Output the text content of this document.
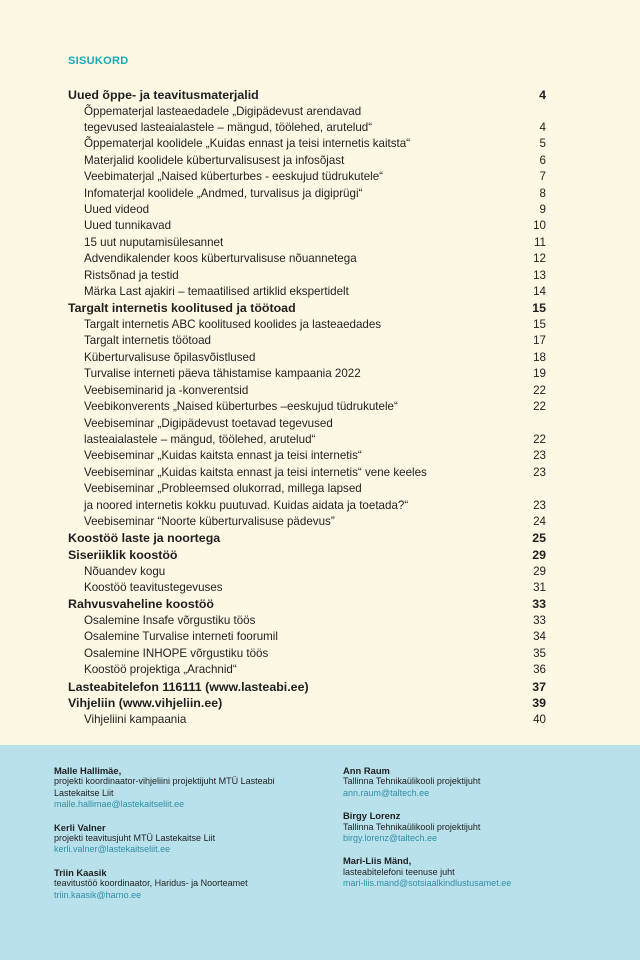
SISUKORD
Uued õppe- ja teavitusmaterjalid	4
Õppematerjal lasteaedadele „Digipädevust arendavad
tegevused lasteaialastele – mängud, töölehed, arutelud“	4
Õppematerjal koolidele „Kuidas ennast ja teisi internetis kaitsta“	5
Materjalid koolidele küberturvalisusest ja infosõjast	6
Veebimaterjal „Naised küberturbes - eeskujud tüdrukutele“	7
Infomaterjal koolidele „Andmed, turvalisus ja digiprügi“	8
Uued videod	9
Uued tunnikavad	10
15 uut nuputamisülesannet	11
Advendikalender koos küberturvalisuse nõuannetega	12
Ristsõnad ja testid	13
Märka Last ajakiri – temaatilised artiklid ekspertidelt	14
Targalt internetis koolitused ja töötoad	15
Targalt internetis ABC koolitused koolides ja lasteaedades	15
Targalt internetis töötoad	17
Küberturvalisuse õpilasvõistlused	18
Turvalise interneti päeva tähistamise kampaania 2022	19
Veebiseminarid ja -konverentsid	22
Veebikonverents „Naised küberturbes –eeskujud tüdrukutele“	22
Veebiseminar „Digipädevust toetavad tegevused
lasteaialastele – mängud, töölehed, arutelud“	22
Veebiseminar „Kuidas kaitsta ennast ja teisi internetis“	23
Veebiseminar „Kuidas kaitsta ennast ja teisi internetis“ vene keeles	23
Veebiseminar „Probleemsed olukorrad, millega lapsed
ja noored internetis kokku puutuvad. Kuidas aidata ja toetada?“	23
Veebiseminar “Noorte küberturvalisuse pädevus”	24
Koostöö laste ja noortega	25
Siseriiklik koostöö	29
Nõuandev kogu	29
Koostöö teavitustegevuses	31
Rahvusvaheline koostöö	33
Osalemine Insafe võrgustiku töös	33
Osalemine Turvalise interneti foorumil	34
Osalemine INHOPE võrgustiku töös	35
Koostöö projektiga „Arachnid“	36
Lasteabitelefon 116111 (www.lasteabi.ee)	37
Vihjeliin (www.vihjeliin.ee)	39
Vihjeliini kampaania	40
Malle Hallimäe,
projekti koordinaator-vihjeliini projektijuht MTÜ Lasteabi Lastekaitse Liit
malle.hallimae@lastekaitseliit.ee
Kerli Valner
projekti teavitusjuht MTÜ Lastekaitse Liit
kerli.valner@lastekaitseliit.ee
Triin Kaasik
teavitustöö koordinaator, Haridus- ja Noorteamet
triin.kaasik@harno.ee
Ann Raum
Tallinna Tehnikaülikooli projektijuht
ann.raum@taltech.ee
Birgy Lorenz
Tallinna Tehnikaülikooli projektijuht
birgy.lorenz@taltech.ee
Mari-Liis Mänd,
lasteabitelefoni teenuse juht
mari-liis.mand@sotsiaalkindlustusamet.ee
